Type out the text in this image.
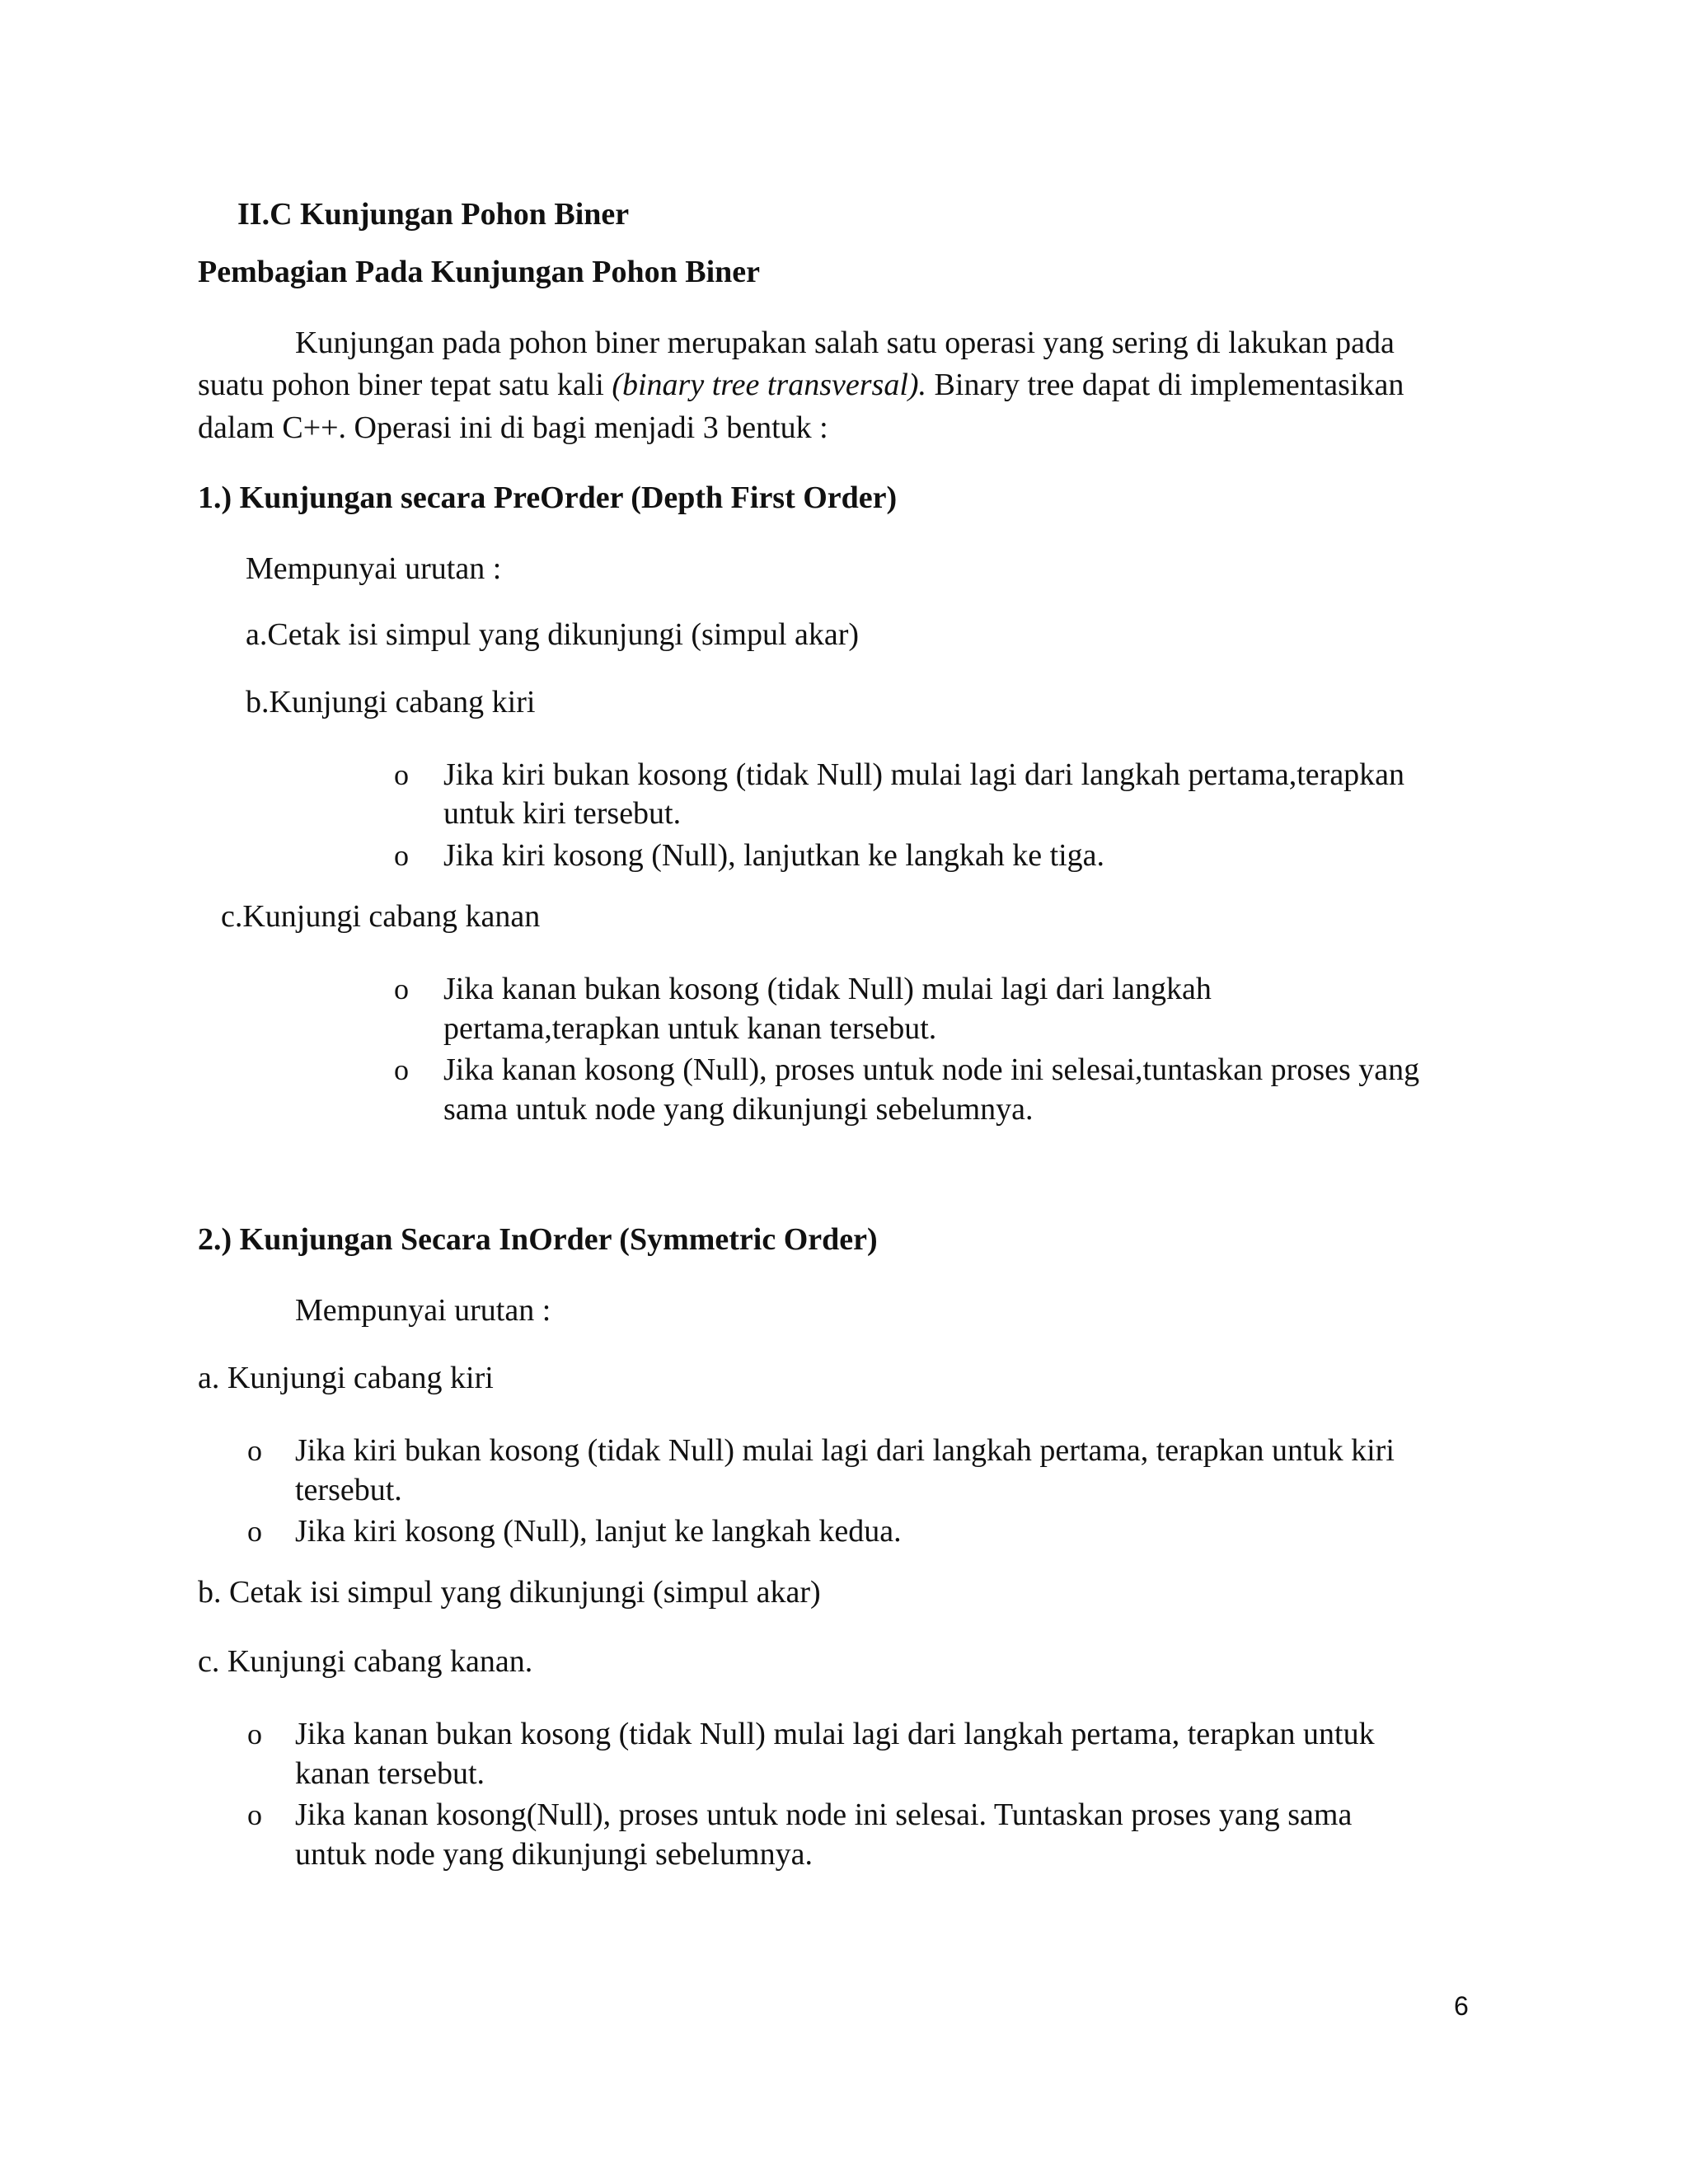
II.C Kunjungan Pohon Biner
Pembagian Pada Kunjungan Pohon Biner
Kunjungan pada pohon biner merupakan salah satu operasi yang sering di lakukan pada
suatu pohon biner tepat satu kali (binary tree transversal). Binary tree dapat di implementasikan
dalam C++. Operasi ini di bagi menjadi 3 bentuk :
1.) Kunjungan secara PreOrder (Depth First Order)
Mempunyai urutan :
a.Cetak isi simpul yang dikunjungi (simpul akar)
b.Kunjungi cabang kiri
o Jika kiri bukan kosong (tidak Null) mulai lagi dari langkah pertama,terapkan
untuk kiri tersebut.
o Jika kiri kosong (Null), lanjutkan ke langkah ke tiga.
c.Kunjungi cabang kanan
o Jika kanan bukan kosong (tidak Null) mulai lagi dari langkah
pertama,terapkan untuk kanan tersebut.
o Jika kanan kosong (Null), proses untuk node ini selesai,tuntaskan proses yang
sama untuk node yang dikunjungi sebelumnya.
2.) Kunjungan Secara InOrder (Symmetric Order)
Mempunyai urutan :
a. Kunjungi cabang kiri
o Jika kiri bukan kosong (tidak Null) mulai lagi dari langkah pertama, terapkan untuk kiri
tersebut.
o Jika kiri kosong (Null), lanjut ke langkah kedua.
b. Cetak isi simpul yang dikunjungi (simpul akar)
c. Kunjungi cabang kanan.
o Jika kanan bukan kosong (tidak Null) mulai lagi dari langkah pertama, terapkan untuk
kanan tersebut.
o Jika kanan kosong(Null), proses untuk node ini selesai. Tuntaskan proses yang sama
untuk node yang dikunjungi sebelumnya.
6
